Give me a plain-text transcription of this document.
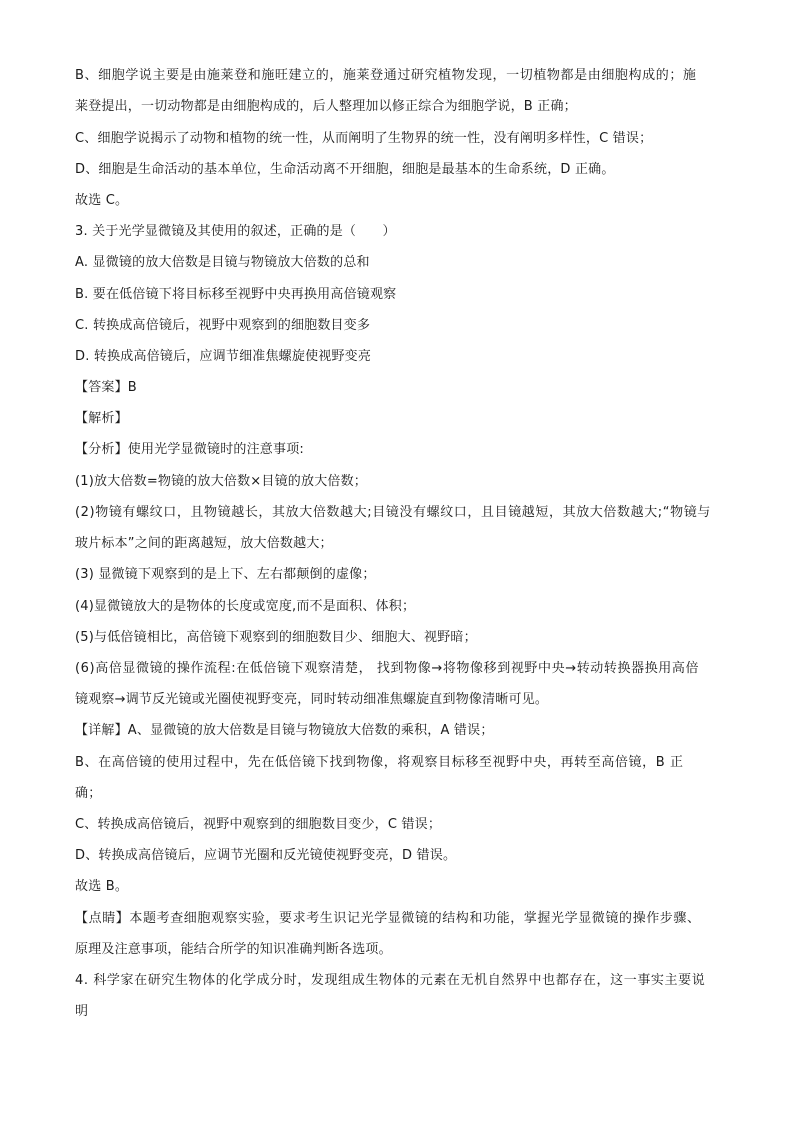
B、细胞学说主要是由施莱登和施旺建立的，施莱登通过研究植物发现，一切植物都是由细胞构成的；施
莱登提出，一切动物都是由细胞构成的，后人整理加以修正综合为细胞学说，B 正确；
C、细胞学说揭示了动物和植物的统一性，从而阐明了生物界的统一性，没有阐明多样性，C 错误；
D、细胞是生命活动的基本单位，生命活动离不开细胞，细胞是最基本的生命系统，D 正确。
故选 C。
3. 关于光学显微镜及其使用的叙述，正确的是（　　）
A. 显微镜的放大倍数是目镜与物镜放大倍数的总和
B. 要在低倍镜下将目标移至视野中央再换用高倍镜观察
C. 转换成高倍镜后，视野中观察到的细胞数目变多
D. 转换成高倍镜后，应调节细准焦螺旋使视野变亮
【答案】B
【解析】
【分析】使用光学显微镜时的注意事项:
(1)放大倍数=物镜的放大倍数×目镜的放大倍数；
(2)物镜有螺纹口，且物镜越长，其放大倍数越大;目镜没有螺纹口，且目镜越短，其放大倍数越大;“物镜与
玻片标本”之间的距离越短，放大倍数越大；
(3) 显微镜下观察到的是上下、左右都颠倒的虚像；
(4)显微镜放大的是物体的长度或宽度,而不是面积、体积；
(5)与低倍镜相比，高倍镜下观察到的细胞数目少、细胞大、视野暗；
(6)高倍显微镜的操作流程:在低倍镜下观察清楚， 找到物像→将物像移到视野中央→转动转换器换用高倍
镜观察→调节反光镜或光圈使视野变亮，同时转动细准焦螺旋直到物像清晰可见。
【详解】A、显微镜的放大倍数是目镜与物镜放大倍数的乘积，A 错误；
B、在高倍镜的使用过程中，先在低倍镜下找到物像，将观察目标移至视野中央，再转至高倍镜，B 正
确；
C、转换成高倍镜后，视野中观察到的细胞数目变少，C 错误；
D、转换成高倍镜后，应调节光圈和反光镜使视野变亮，D 错误。
故选 B。
【点睛】本题考查细胞观察实验，要求考生识记光学显微镜的结构和功能，掌握光学显微镜的操作步骤、
原理及注意事项，能结合所学的知识准确判断各选项。
4. 科学家在研究生物体的化学成分时，发现组成生物体的元素在无机自然界中也都存在，这一事实主要说
明
